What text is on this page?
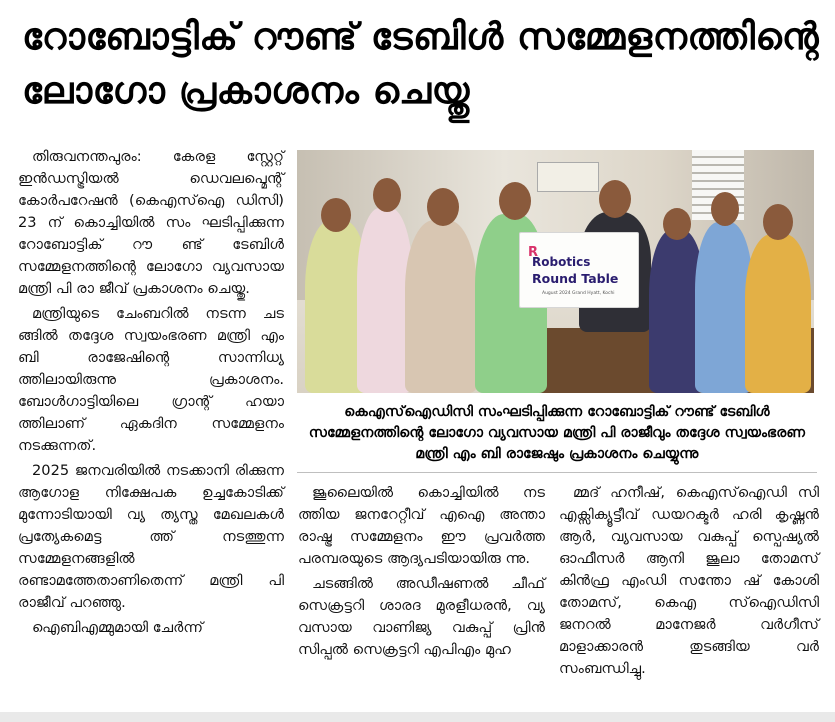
റോബോട്ടിക് റൗണ്ട് ടേബിൾ സമ്മേളനത്തിന്റെ
ലോഗോ പ്രകാശനം ചെയ്തു

തിരുവനന്തപുരം: കേരള സ്റ്റേറ്റ് ഇൻഡസ്ട്രിയൽ ഡെവലപ്മെന്റ് കോർപറേഷൻ (കെഎസ്ഐ ഡിസി) 23 ന് കൊച്ചിയിൽ സം ഘടിപ്പിക്കുന്ന റോബോട്ടിക് റൗ ണ്ട് ടേബിൾ സമ്മേളനത്തിന്റെ ലോഗോ വ്യവസായ മന്ത്രി പി രാ ജീവ് പ്രകാശനം ചെയ്തു.

മന്ത്രിയുടെ ചേംബറിൽ നടന്ന ചട ങ്ങിൽ തദ്ദേശ സ്വയംഭരണ മന്ത്രി എം ബി രാജേഷിന്റെ സാന്നിധ്യ ത്തിലായിരുന്നു പ്രകാശനം. ബോൾഗാട്ടിയിലെ ഗ്രാന്റ് ഹയാ ത്തിലാണ് ഏകദിന സമ്മേളനം നടക്കുന്നത്.

2025 ജനവരിയിൽ നടക്കാനി രിക്കുന്ന ആഗോള നിക്ഷേപക ഉച്ചകോടിക്ക് മുന്നോടിയായി വ്യ ത്യസ്ത മേഖലകൾ പ്രത്യേകമെട്ട ത്ത് നടത്തുന്ന സമ്മേളനങ്ങളിൽ രണ്ടാമത്തേതാണിതെന്ന് മന്ത്രി പി രാജീവ് പറഞ്ഞു.

ഐബിഎമ്മുമായി ചേർന്ന്

R
Robotics
Round Table
August 2024 Grand Hyatt, Kochi
കെഎസ്ഐഡിസി സംഘടിപ്പിക്കുന്ന റോബോട്ടിക് റൗണ്ട് ടേബിൾ സമ്മേളനത്തിന്റെ ലോഗോ വ്യവസായ മന്ത്രി പി രാജീവും തദ്ദേശ സ്വയംഭരണ മന്ത്രി എം ബി രാജേഷും പ്രകാശനം ചെയ്യുന്നു

ജൂലൈയിൽ കൊച്ചിയിൽ നട ത്തിയ ജനറേറ്റീവ് എഐ അന്താ രാഷ്ട്ര സമ്മേളനം ഈ പ്രവർത്ത പരമ്പരയുടെ ആദ്യപടിയായിരു ന്നു.

ചടങ്ങിൽ അഡീഷണൽ ചീഫ് സെക്രട്ടറി ശാരദ മുരളീധരൻ, വ്യ വസായ വാണിജ്യ വകുപ്പ് പ്രിൻ സിപ്പൽ സെക്രട്ടറി എപിഎം മുഹ

മ്മദ് ഹനീഷ്, കെഎസ്ഐഡി സി എക്സിക്യൂട്ടീവ് ഡയറക്ടർ ഹരി കൃഷ്ണൻ ആർ, വ്യവസായ വകുപ്പ് സ്പെഷ്യൽ ഓഫീസർ ആനി ജൂലാ തോമസ് കിൻഫ്ര എംഡി സന്തോ ഷ് കോശി തോമസ്, കെഎ സ്ഐഡിസി ജനറൽ മാനേജർ വർഗീസ് മാളാക്കാരൻ തുടങ്ങിയ വർ സംബന്ധിച്ചു.
